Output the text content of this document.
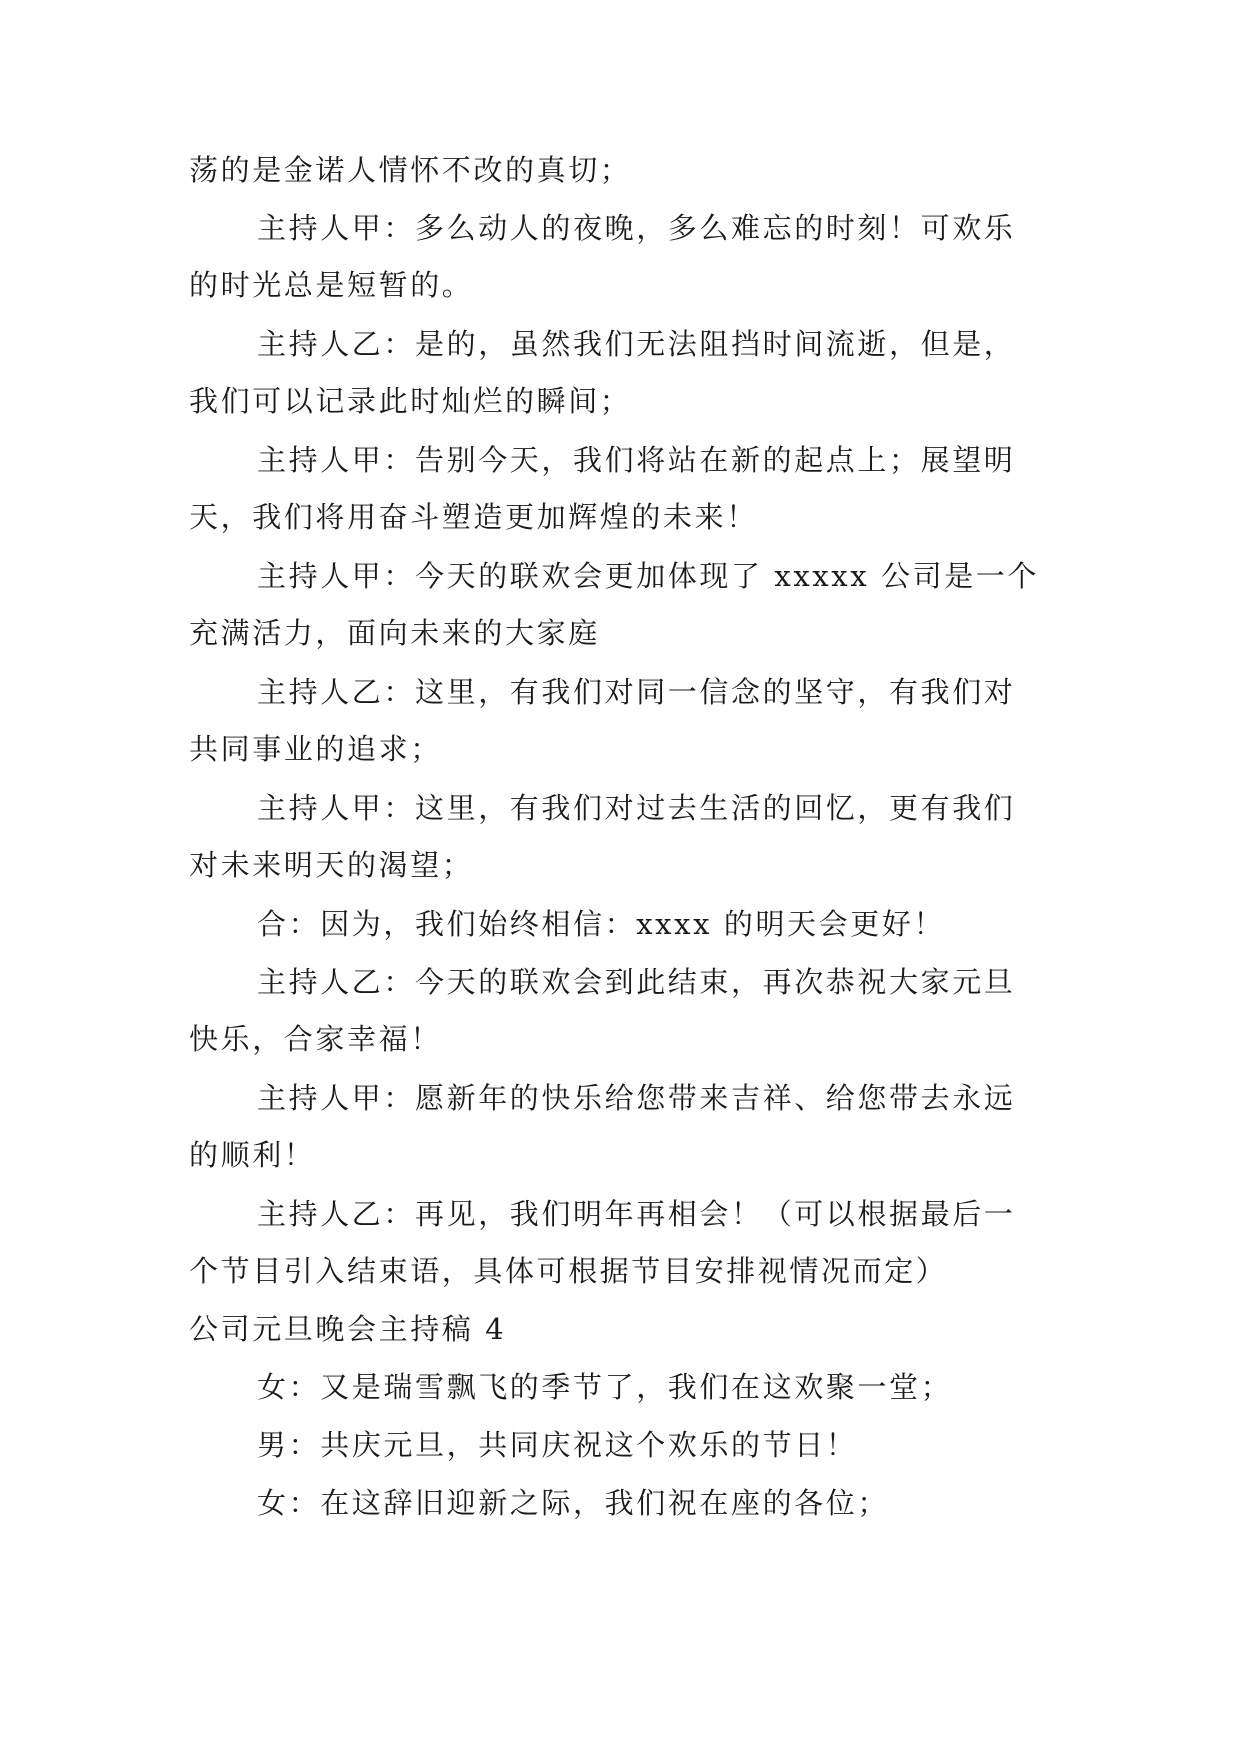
荡的是金诺人情怀不改的真切；
主持人甲：多么动人的夜晚，多么难忘的时刻！可欢乐
的时光总是短暂的。
主持人乙：是的，虽然我们无法阻挡时间流逝，但是，
我们可以记录此时灿烂的瞬间；
主持人甲：告别今天，我们将站在新的起点上；展望明
天，我们将用奋斗塑造更加辉煌的未来！
主持人甲：今天的联欢会更加体现了 xxxxx 公司是一个
充满活力，面向未来的大家庭
主持人乙：这里，有我们对同一信念的坚守，有我们对
共同事业的追求；
主持人甲：这里，有我们对过去生活的回忆，更有我们
对未来明天的渴望；
合：因为，我们始终相信：xxxx 的明天会更好！
主持人乙：今天的联欢会到此结束，再次恭祝大家元旦
快乐，合家幸福！
主持人甲：愿新年的快乐给您带来吉祥、给您带去永远
的顺利！
主持人乙：再见，我们明年再相会！（可以根据最后一
个节目引入结束语，具体可根据节目安排视情况而定）
公司元旦晚会主持稿 4
女：又是瑞雪飘飞的季节了，我们在这欢聚一堂；
男：共庆元旦，共同庆祝这个欢乐的节日！
女：在这辞旧迎新之际，我们祝在座的各位；
